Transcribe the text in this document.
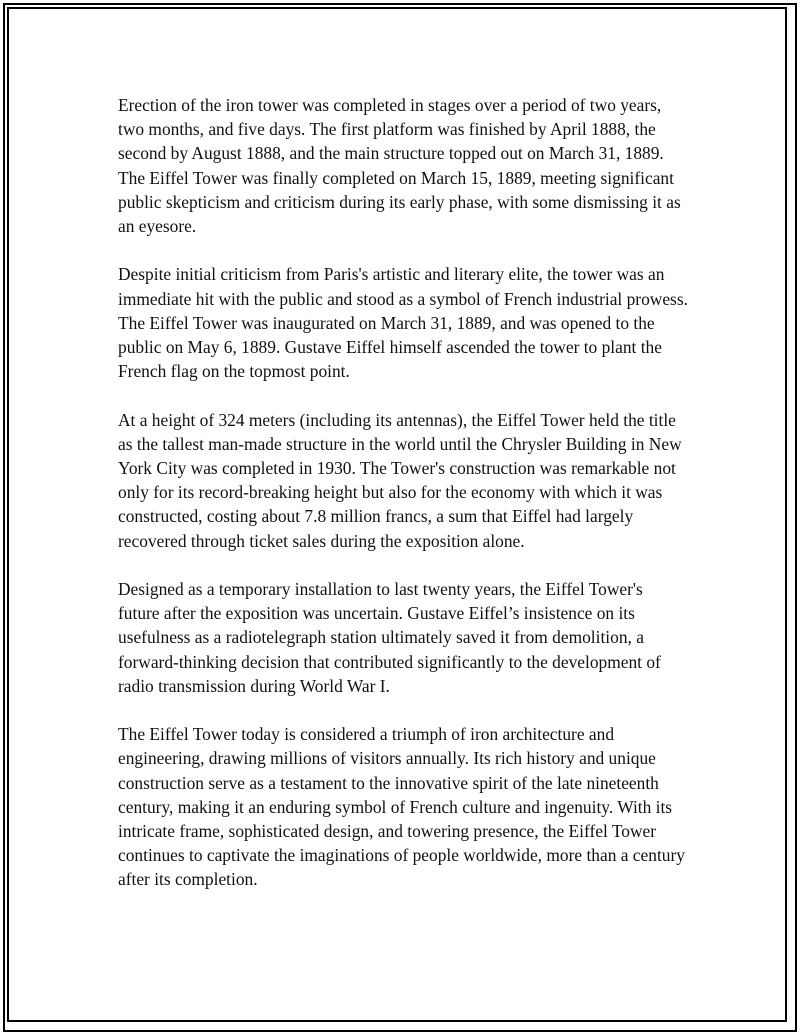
Erection of the iron tower was completed in stages over a period of two years, two months, and five days. The first platform was finished by April 1888, the second by August 1888, and the main structure topped out on March 31, 1889. The Eiffel Tower was finally completed on March 15, 1889, meeting significant public skepticism and criticism during its early phase, with some dismissing it as an eyesore.

Despite initial criticism from Paris's artistic and literary elite, the tower was an immediate hit with the public and stood as a symbol of French industrial prowess. The Eiffel Tower was inaugurated on March 31, 1889, and was opened to the public on May 6, 1889. Gustave Eiffel himself ascended the tower to plant the French flag on the topmost point.

At a height of 324 meters (including its antennas), the Eiffel Tower held the title as the tallest man-made structure in the world until the Chrysler Building in New York City was completed in 1930. The Tower's construction was remarkable not only for its record-breaking height but also for the economy with which it was constructed, costing about 7.8 million francs, a sum that Eiffel had largely recovered through ticket sales during the exposition alone.

Designed as a temporary installation to last twenty years, the Eiffel Tower's future after the exposition was uncertain. Gustave Eiffel’s insistence on its usefulness as a radiotelegraph station ultimately saved it from demolition, a forward-thinking decision that contributed significantly to the development of radio transmission during World War I.

The Eiffel Tower today is considered a triumph of iron architecture and engineering, drawing millions of visitors annually. Its rich history and unique construction serve as a testament to the innovative spirit of the late nineteenth century, making it an enduring symbol of French culture and ingenuity. With its intricate frame, sophisticated design, and towering presence, the Eiffel Tower continues to captivate the imaginations of people worldwide, more than a century after its completion.
